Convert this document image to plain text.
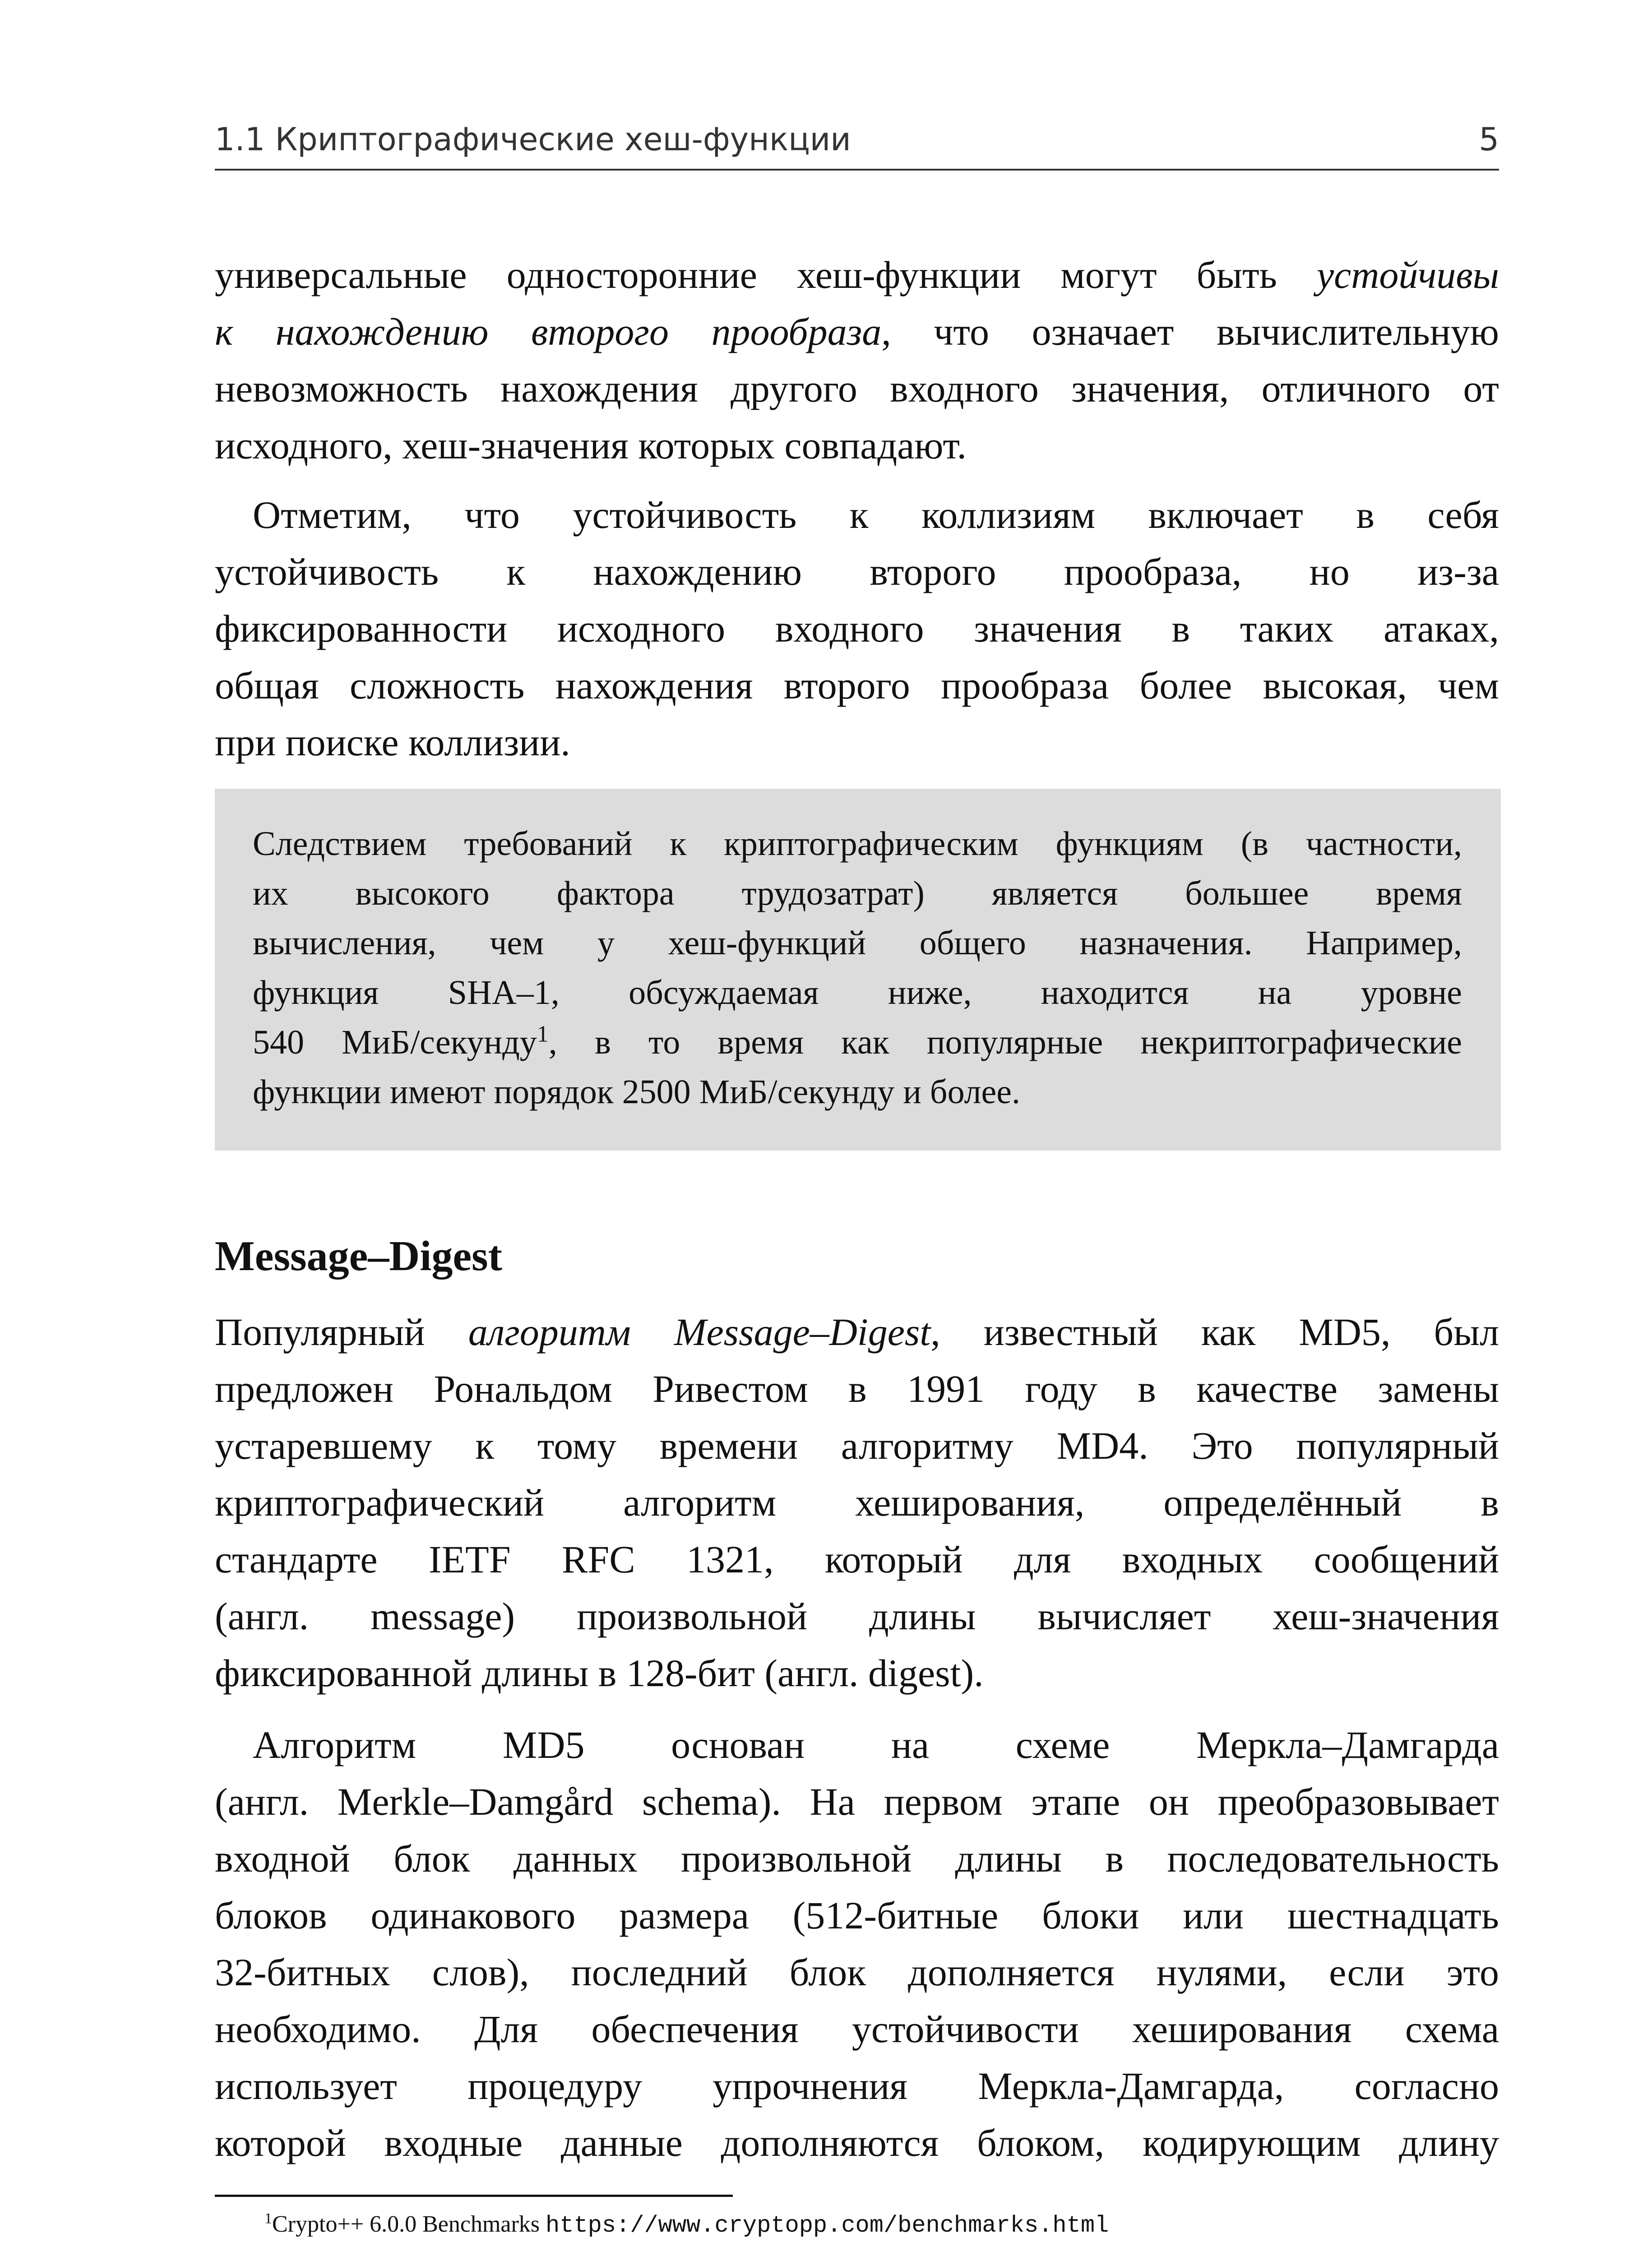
1.1 Криптографические хеш-функции	5
универсальные односторонние хеш-функции могут быть устойчивы
к нахождению второго прообраза, что означает вычислительную
невозможность нахождения другого входного значения, отличного от
исходного, хеш-значения которых совпадают.
Отметим, что устойчивость к коллизиям включает в себя
устойчивость к нахождению второго прообраза, но из-за
фиксированности исходного входного значения в таких атаках,
общая сложность нахождения второго прообраза более высокая, чем
при поиске коллизии.
Следствием требований к криптографическим функциям (в частности,
их высокого фактора трудозатрат) является большее время
вычисления, чем у хеш-функций общего назначения. Например,
функция SHA–1, обсуждаемая ниже, находится на уровне
540 МиБ/секунду$^1$, в то время как популярные некриптографические
функции имеют порядок 2500 МиБ/секунду и более.
Message–Digest
Популярный алгоритм Message–Digest, известный как MD5, был
предложен Рональдом Ривестом в 1991 году в качестве замены
устаревшему к тому времени алгоритму MD4. Это популярный
криптографический алгоритм хеширования, определённый в
стандарте IETF RFC 1321, который для входных сообщений
(англ. message) произвольной длины вычисляет хеш-значения
фиксированной длины в 128-бит (англ. digest).
Алгоритм MD5 основан на схеме Меркла–Дамгарда
(англ. Merkle–Damgård schema). На первом этапе он преобразовывает
входной блок данных произвольной длины в последовательность
блоков одинакового размера (512-битные блоки или шестнадцать
32-битных слов), последний блок дополняется нулями, если это
необходимо. Для обеспечения устойчивости хеширования схема
использует процедуру упрочнения Меркла-Дамгарда, согласно
которой входные данные дополняются блоком, кодирующим длину
$^1$Crypto++ 6.0.0 Benchmarks https://www.cryptopp.com/benchmarks.html
